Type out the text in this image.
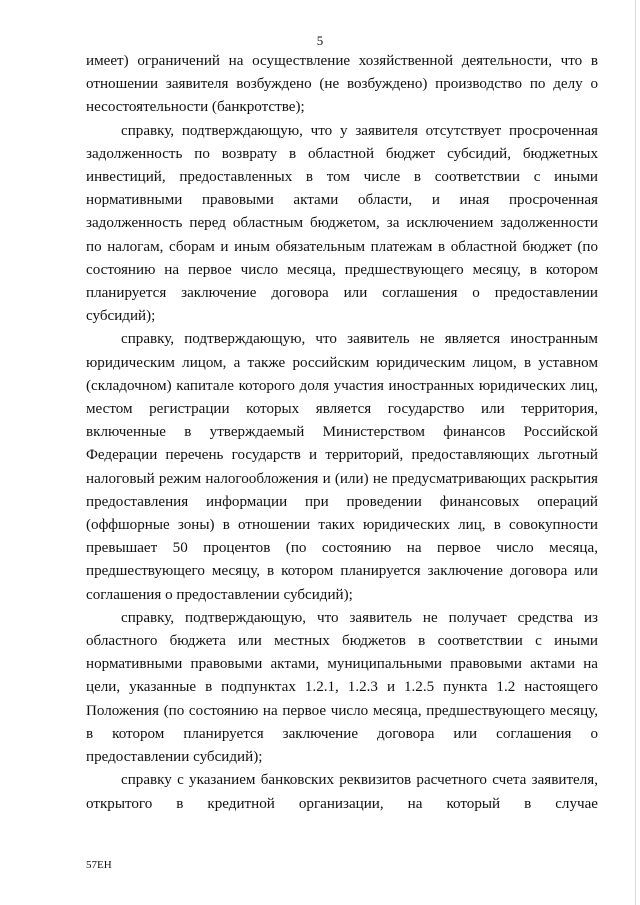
5

имеет) ограничений на осуществление хозяйственной деятельности, что в отношении заявителя возбуждено (не возбуждено) производство по делу о несостоятельности (банкротстве);

справку, подтверждающую, что у заявителя отсутствует просроченная задолженность по возврату в областной бюджет субсидий, бюджетных инвестиций, предоставленных в том числе в соответствии с иными нормативными правовыми актами области, и иная просроченная задолженность перед областным бюджетом, за исключением задолженности по налогам, сборам и иным обязательным платежам в областной бюджет (по состоянию на первое число месяца, предшествующего месяцу, в котором планируется заключение договора или соглашения о предоставлении субсидий);

справку, подтверждающую, что заявитель не является иностранным юридическим лицом, а также российским юридическим лицом, в уставном (складочном) капитале которого доля участия иностранных юридических лиц, местом регистрации которых является государство или территория, включенные в утверждаемый Министерством финансов Российской Федерации перечень государств и территорий, предоставляющих льготный налоговый режим налогообложения и (или) не предусматривающих раскрытия предоставления информации при проведении финансовых операций (оффшорные зоны) в отношении таких юридических лиц, в совокупности превышает 50 процентов (по состоянию на первое число месяца, предшествующего месяцу, в котором планируется заключение договора или соглашения о предоставлении субсидий);

справку, подтверждающую, что заявитель не получает средства из областного бюджета или местных бюджетов в соответствии с иными нормативными правовыми актами, муниципальными правовыми актами на цели, указанные в подпунктах 1.2.1, 1.2.3 и 1.2.5 пункта 1.2 настоящего Положения (по состоянию на первое число месяца, предшествующего месяцу, в котором планируется заключение договора или соглашения о предоставлении субсидий);

справку с указанием банковских реквизитов расчетного счета заявителя, открытого в кредитной организации, на который в случае

57ЕН
